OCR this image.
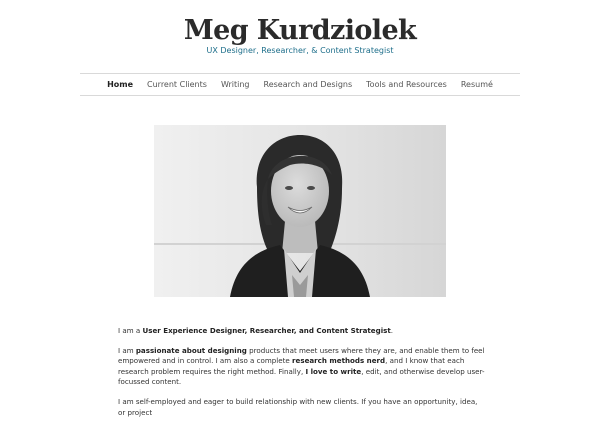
Meg Kurdziolek
UX Designer, Researcher, & Content Strategist
Home Current Clients Writing Research and Designs Tools and Resources Resumé

I am a User Experience Designer, Researcher, and Content Strategist.

I am passionate about designing products that meet users where they are, and enable them to feel empowered and in control. I am also a complete research methods nerd, and I know that each research problem requires the right method. Finally, I love to write, edit, and otherwise develop user-focussed content.

I am self-employed and eager to build relationship with new clients. If you have an opportunity, idea, or project
